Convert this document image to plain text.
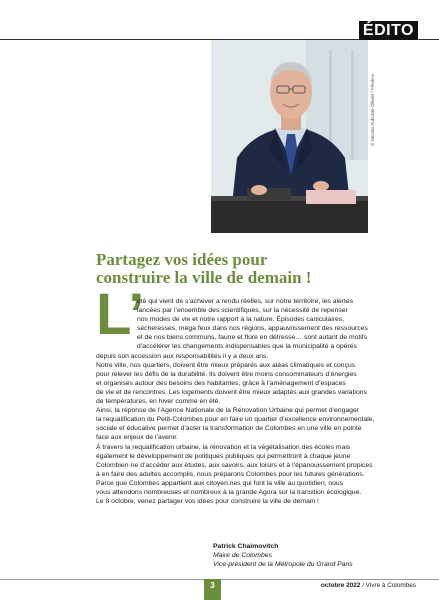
ÉDITO
© Nicolas Auburtin-Ollivier / Flexbox
Partagez vos idées pour
construire la ville de demain !
L’
été qui vient de s’achever a rendu réelles, sur notre territoire, les alertes
lancées par l’ensemble des scientifiques, sur la nécessité de repenser
nos modes de vie et notre rapport à la nature. Épisodes caniculaires,
sécheresses, méga feux dans nos régions, appauvrissement des ressources
et de nos biens communs, faune et flore en détresse… sont autant de motifs
d’accélérer les changements indispensables que la municipalité a opérés
depuis son accession aux responsabilités il y a deux ans.
Notre ville, nos quartiers, doivent être mieux préparés aux aléas climatiques et conçus
pour relever les défis de la durabilité. Ils doivent être moins consommateurs d’énergies
et organisés autour des besoins des habitantes, grâce à l’aménagement d’espaces
de vie et de rencontres. Les logements doivent être mieux adaptés aux grandes variations
de températures, en hiver comme en été.
Ainsi, la réponse de l’Agence Nationale de la Rénovation Urbaine qui permet d’engager
la requalification du Petit-Colombes pour en faire un quartier d’excellence environnementale,
sociale et éducative permet d’acter la transformation de Colombes en une ville en pointe
face aux enjeux de l’avenir.
À travers la requalification urbaine, la rénovation et la végétalisation des écoles mais
également le développement de politiques publiques qui permettront à chaque jeune
Colombien·ne d’accéder aux études, aux savoirs, aux loisirs et à l’épanouissement propices
à en faire des adultes accomplis, nous préparons Colombes pour les futures générations.
Parce que Colombes appartient aux citoyen.nes qui font la ville au quotidien, nous
vous attendons nombreuses et nombreux à la grande Agora sur la transition écologique.
Le 8 octobre, venez partager vos idées pour construire la ville de demain !
Patrick Chaimovitch
Maire de Colombes
Vice-président de la Métropole du Grand Paris
3	octobre 2022 / Vivre à Colombes
